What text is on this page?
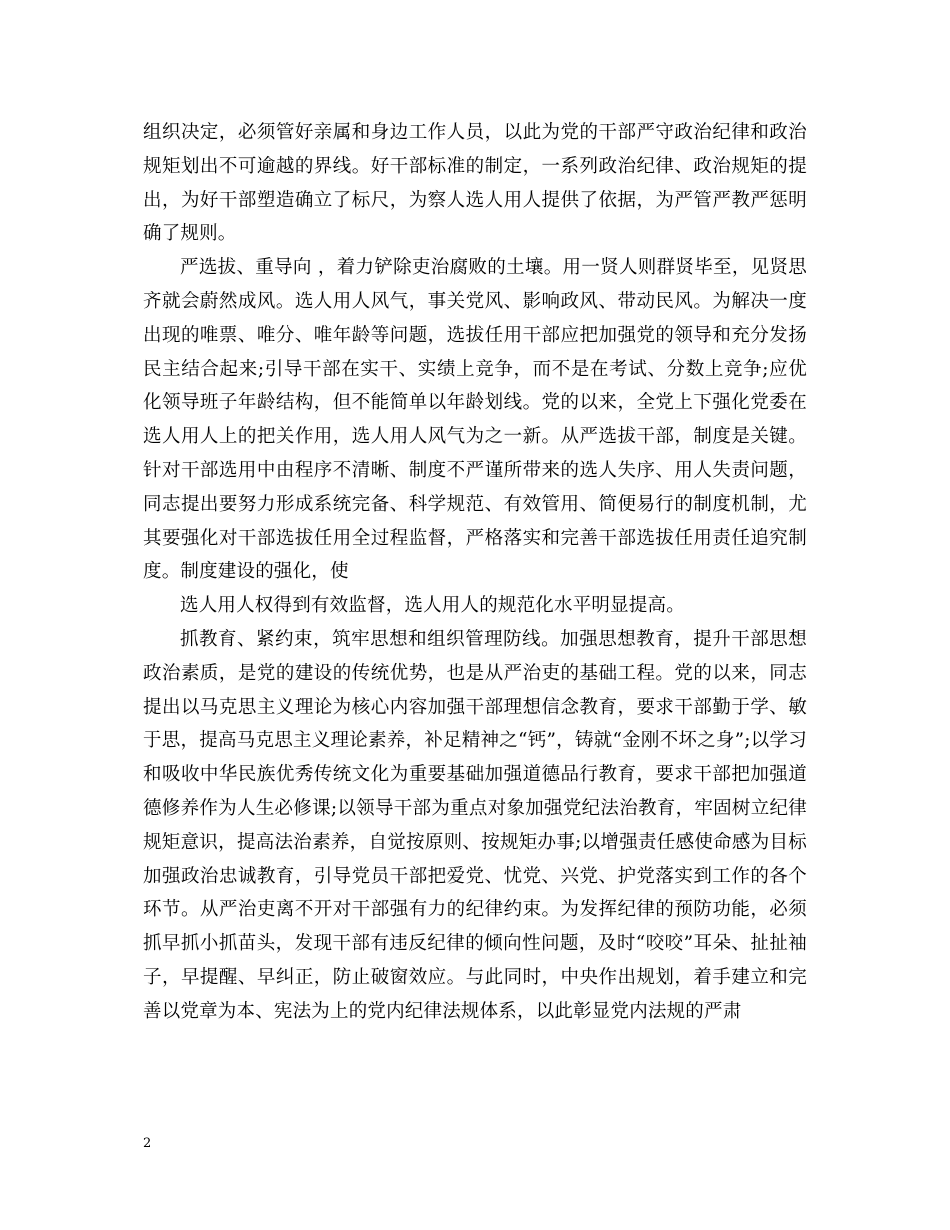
组织决定，必须管好亲属和身边工作人员，以此为党的干部严守政治纪律和政治规矩划出不可逾越的界线。好干部标准的制定，一系列政治纪律、政治规矩的提出，为好干部塑造确立了标尺，为察人选人用人提供了依据，为严管严教严惩明确了规则。

严选拔、重导向 ，着力铲除吏治腐败的土壤。用一贤人则群贤毕至，见贤思齐就会蔚然成风。选人用人风气，事关党风、影响政风、带动民风。为解决一度出现的唯票、唯分、唯年龄等问题，选拔任用干部应把加强党的领导和充分发扬民主结合起来;引导干部在实干、实绩上竞争，而不是在考试、分数上竞争;应优化领导班子年龄结构，但不能简单以年龄划线。党的以来，全党上下强化党委在选人用人上的把关作用，选人用人风气为之一新。从严选拔干部，制度是关键。针对干部选用中由程序不清晰、制度不严谨所带来的选人失序、用人失责问题，同志提出要努力形成系统完备、科学规范、有效管用、简便易行的制度机制，尤其要强化对干部选拔任用全过程监督，严格落实和完善干部选拔任用责任追究制度。制度建设的强化，使

选人用人权得到有效监督，选人用人的规范化水平明显提高。

抓教育、紧约束，筑牢思想和组织管理防线。加强思想教育，提升干部思想政治素质，是党的建设的传统优势，也是从严治吏的基础工程。党的以来，同志提出以马克思主义理论为核心内容加强干部理想信念教育，要求干部勤于学、敏于思，提高马克思主义理论素养，补足精神之“钙”，铸就“金刚不坏之身”;以学习和吸收中华民族优秀传统文化为重要基础加强道德品行教育，要求干部把加强道德修养作为人生必修课;以领导干部为重点对象加强党纪法治教育，牢固树立纪律规矩意识，提高法治素养，自觉按原则、按规矩办事;以增强责任感使命感为目标加强政治忠诚教育，引导党员干部把爱党、忧党、兴党、护党落实到工作的各个环节。从严治吏离不开对干部强有力的纪律约束。为发挥纪律的预防功能，必须抓早抓小抓苗头，发现干部有违反纪律的倾向性问题，及时“咬咬”耳朵、扯扯袖子，早提醒、早纠正，防止破窗效应。与此同时，中央作出规划，着手建立和完善以党章为本、宪法为上的党内纪律法规体系，以此彰显党内法规的严肃

2
